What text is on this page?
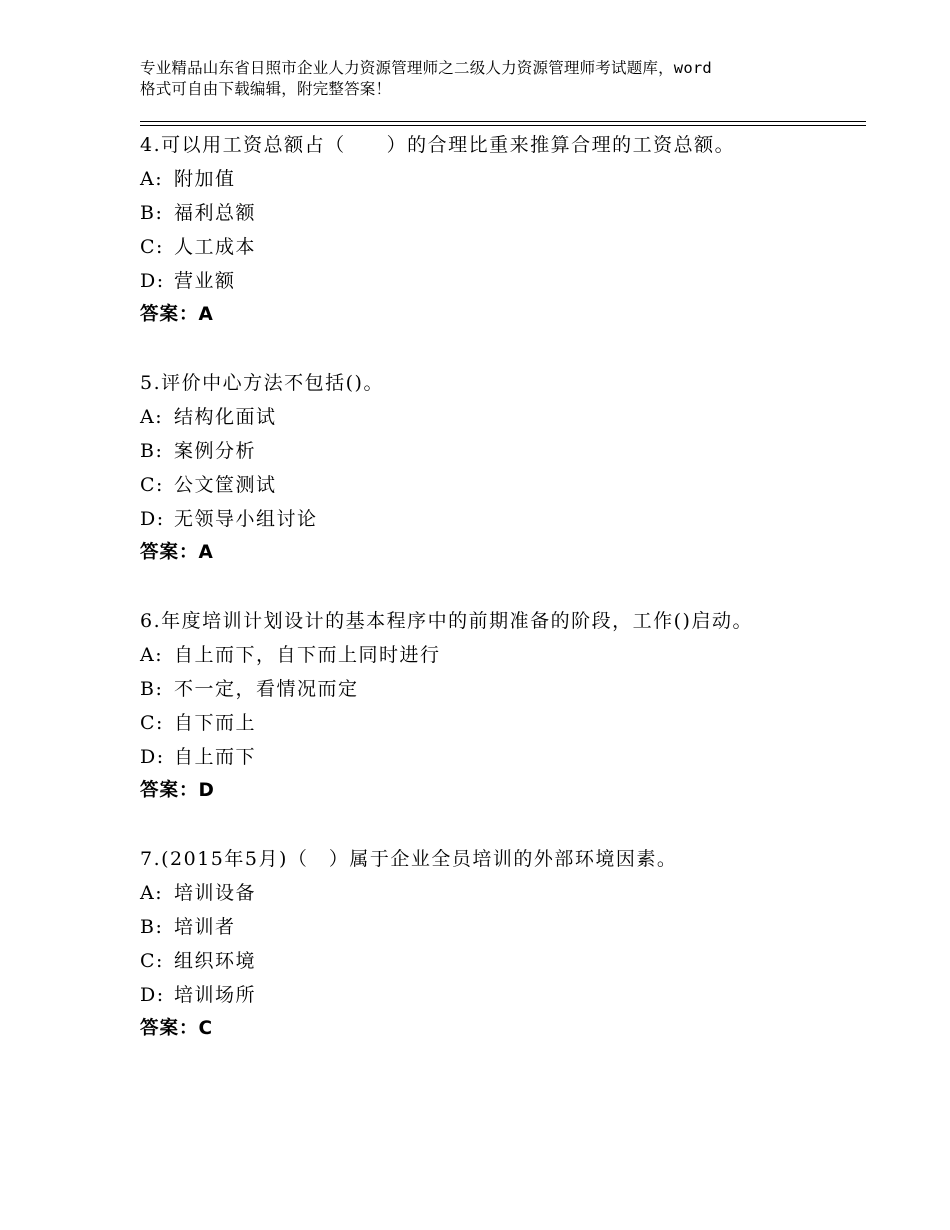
专业精品山东省日照市企业人力资源管理师之二级人力资源管理师考试题库，word
格式可自由下载编辑，附完整答案！
4.可以用工资总额占（　　）的合理比重来推算合理的工资总额。
A: 附加值
B: 福利总额
C: 人工成本
D: 营业额
答案：A
5.评价中心方法不包括()。
A: 结构化面试
B: 案例分析
C: 公文筐测试
D: 无领导小组讨论
答案：A
6.年度培训计划设计的基本程序中的前期准备的阶段，工作()启动。
A: 自上而下，自下而上同时进行
B: 不一定，看情况而定
C: 自下而上
D: 自上而下
答案：D
7.(2015年5月)（　）属于企业全员培训的外部环境因素。
A: 培训设备
B: 培训者
C: 组织环境
D: 培训场所
答案：C
